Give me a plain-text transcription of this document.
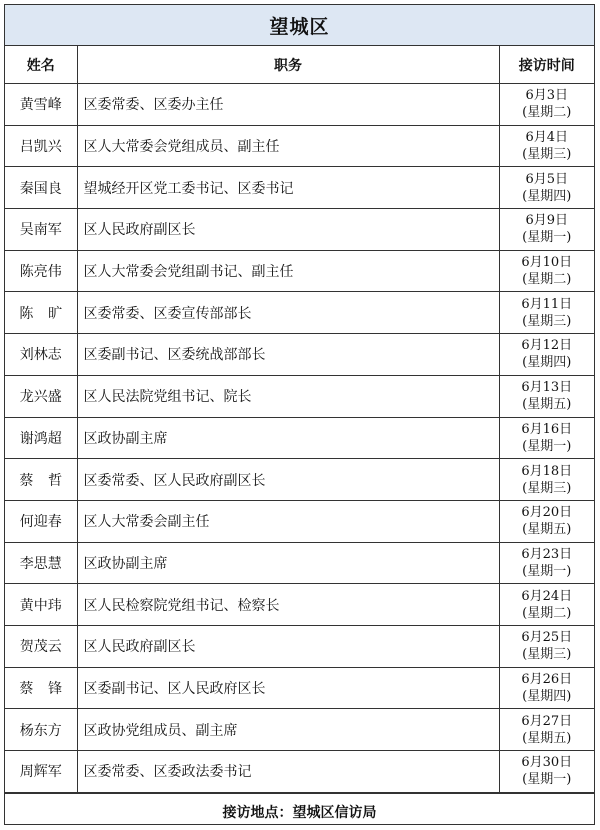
望城区
姓名	职务	接访时间
黄雪峰	区委常委、区委办主任	6月3日
(星期二)

吕凯兴	区人大常委会党组成员、副主任	6月4日
(星期三)

秦国良	望城经开区党工委书记、区委书记	6月5日
(星期四)

吴南军	区人民政府副区长	6月9日
(星期一)

陈亮伟	区人大常委会党组副书记、副主任	6月10日
(星期二)

陈旷	区委常委、区委宣传部部长	6月11日
(星期三)

刘林志	区委副书记、区委统战部部长	6月12日
(星期四)

龙兴盛	区人民法院党组书记、院长	6月13日
(星期五)

谢鸿超	区政协副主席	6月16日
(星期一)

蔡哲	区委常委、区人民政府副区长	6月18日
(星期三)

何迎春	区人大常委会副主任	6月20日
(星期五)

李思慧	区政协副主席	6月23日
(星期一)

黄中玮	区人民检察院党组书记、检察长	6月24日
(星期二)

贺茂云	区人民政府副区长	6月25日
(星期三)

蔡锋	区委副书记、区人民政府区长	6月26日
(星期四)

杨东方	区政协党组成员、副主席	6月27日
(星期五)

周辉军	区委常委、区委政法委书记	6月30日
(星期一)
接访地点：望城区信访局
